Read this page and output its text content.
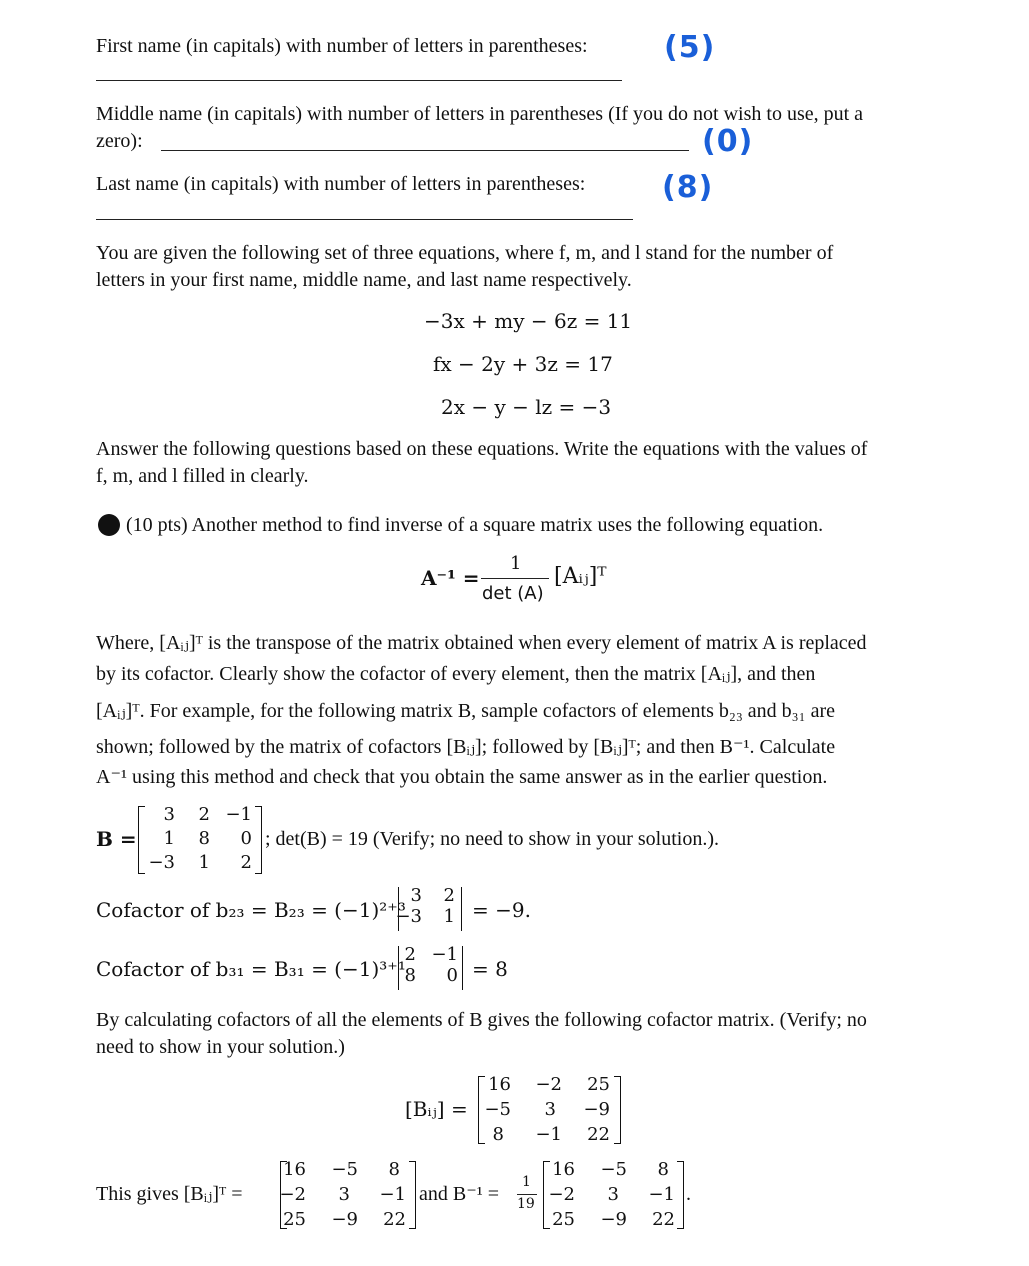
First name (in capitals) with number of letters in parentheses:	(5)
Middle name (in capitals) with number of letters in parentheses (If you do not wish to use, put a
zero):	(0)
Last name (in capitals) with number of letters in parentheses:	(8)
You are given the following set of three equations, where f, m, and l stand for the number of
letters in your first name, middle name, and last name respectively.
−3x + my − 6z = 11
fx − 2y + 3z = 17
2x − y − lz = −3
Answer the following questions based on these equations. Write the equations with the values of
f, m, and l filled in clearly.
(10 pts) Another method to find inverse of a square matrix uses the following equation.
A⁻¹ =
1
det (A)
[Aᵢⱼ]ᵀ
Where, [Aᵢⱼ]ᵀ is the transpose of the matrix obtained when every element of matrix A is replaced
by its cofactor. Clearly show the cofactor of every element, then the matrix [Aᵢⱼ], and then
[Aᵢⱼ]ᵀ. For example, for the following matrix B, sample cofactors of elements b₂₃ and b₃₁ are
shown; followed by the matrix of cofactors [Bᵢⱼ]; followed by [Bᵢⱼ]ᵀ; and then B⁻¹. Calculate
A⁻¹ using this method and check that you obtain the same answer as in the earlier question.
B =
3	2 −1
1	8	0
−3	1	2
; det(B) = 19 (Verify; no need to show in your solution.).
Cofactor of b₂₃ = B₂₃ = (−1)²⁺³
3	2
−3	1 = −9.
Cofactor of b₃₁ = B₃₁ = (−1)³⁺¹
2 −1
8	0 = 8
By calculating cofactors of all the elements of B gives the following cofactor matrix. (Verify; no
need to show in your solution.)
[Bᵢⱼ] =
16	−2	25
−5	3	−9
8	−1	22
This gives [Bᵢⱼ]ᵀ =
16	−5	8
−2	3	−1
25	−9	22
and B⁻¹ =
1
19
16	−5	8
−2	3	−1
25	−9	22
.
